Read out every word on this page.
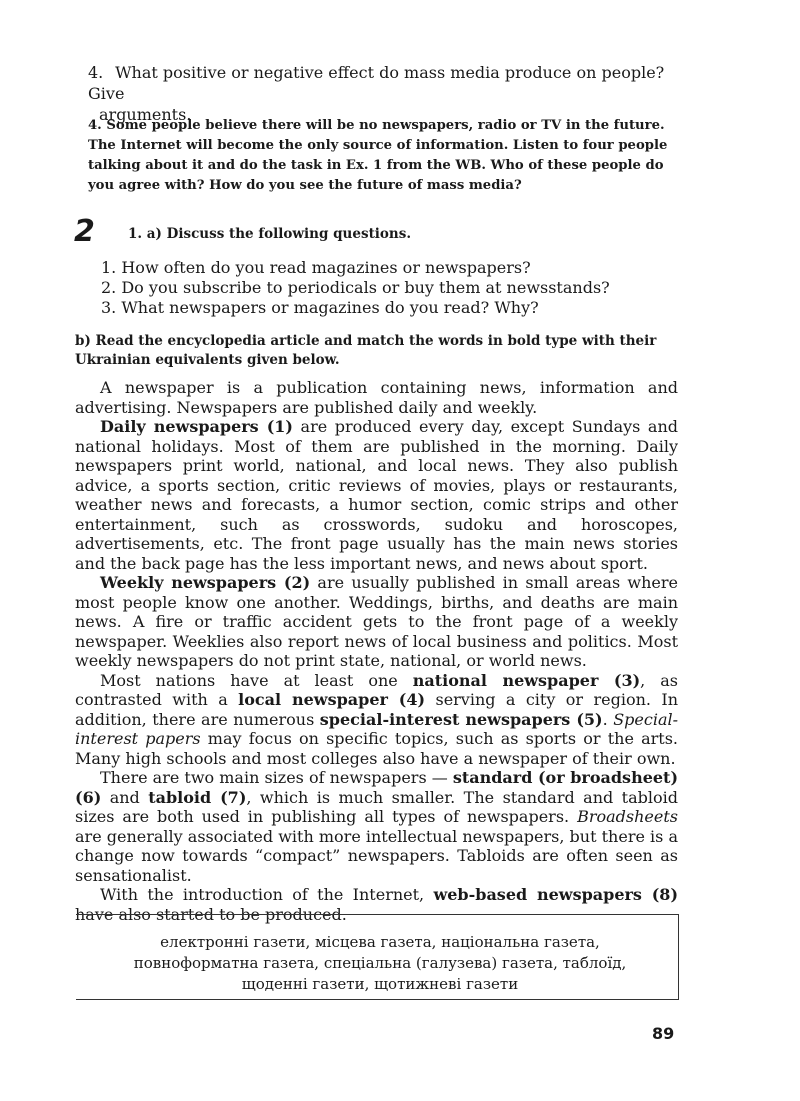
4. What positive or negative effect do mass media produce on people? Give
arguments.
4. Some people believe there will be no newspapers, radio or TV in the future. The Internet will become the only source of information. Listen to four people talking about it and do the task in Ex. 1 from the WB. Who of these people do you agree with? How do you see the future of mass media?
2 1. a) Discuss the following questions.
1. How often do you read magazines or newspapers?
2. Do you subscribe to periodicals or buy them at newsstands?
3. What newspapers or magazines do you read? Why?
b) Read the encyclopedia article and match the words in bold type with their Ukrainian equivalents given below.

A newspaper is a publication containing news, information and advertising. Newspapers are published daily and weekly.

Daily newspapers (1) are produced every day, except Sundays and national holidays. Most of them are published in the morning. Daily newspapers print world, national, and local news. They also publish advice, a sports section, critic reviews of movies, plays or restaurants, weather news and forecasts, a humor section, comic strips and other entertainment, such as crosswords, sudoku and horoscopes, advertisements, etc. The front page usually has the main news stories and the back page has the less important news, and news about sport.

Weekly newspapers (2) are usually published in small areas where most people know one another. Weddings, births, and deaths are main news. A fire or traffic accident gets to the front page of a weekly newspaper. Weeklies also report news of local business and politics. Most weekly newspapers do not print state, national, or world news.

Most nations have at least one national newspaper (3), as contrasted with a local newspaper (4) serving a city or region. In addition, there are numerous special-interest newspapers (5). Special-interest papers may focus on specific topics, such as sports or the arts. Many high schools and most colleges also have a newspaper of their own.

There are two main sizes of newspapers — standard (or broadsheet) (6) and tabloid (7), which is much smaller. The standard and tabloid sizes are both used in publishing all types of newspapers. Broadsheets are generally associated with more intellectual newspapers, but there is a change now towards “compact” newspapers. Tabloids are often seen as sensationalist.

With the introduction of the Internet, web-based newspapers (8) have also started to be produced.

електронні газети, місцева газета, національна газета,
повноформатна газета, спеціальна (галузева) газета, таблоїд,
щоденні газети, щотижневі газети
89
